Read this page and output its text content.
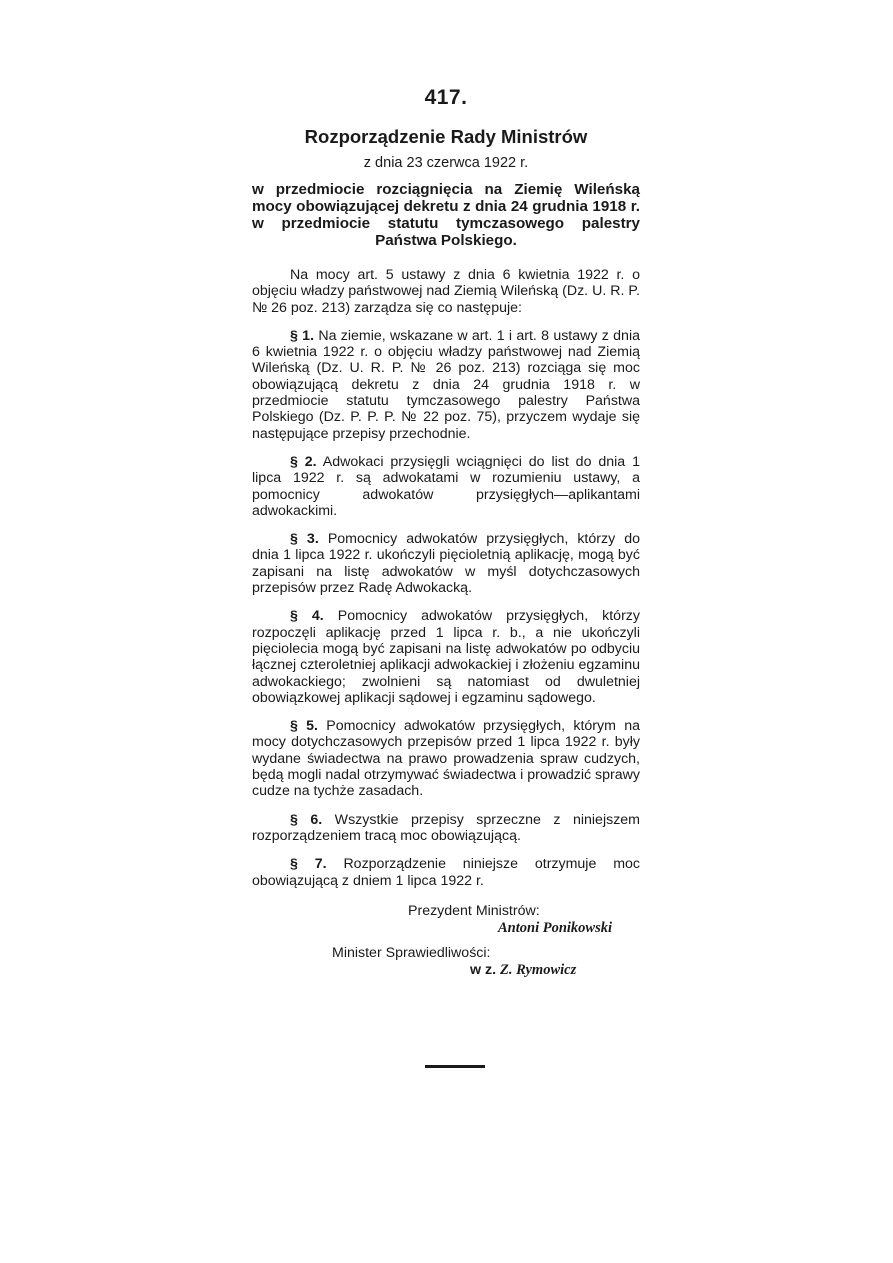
417.
Rozporządzenie Rady Ministrów
z dnia 23 czerwca 1922 r.
w przedmiocie rozciągnięcia na Ziemię Wileńską mocy obowiązującej dekretu z dnia 24 grudnia 1918 r. w przedmiocie statutu tymczasowego palestry Państwa Polskiego.

Na mocy art. 5 ustawy z dnia 6 kwietnia 1922 r. o objęciu władzy państwowej nad Ziemią Wileńską (Dz. U. R. P. № 26 poz. 213) zarządza się co następuje:

§ 1. Na ziemie, wskazane w art. 1 i art. 8 ustawy z dnia 6 kwietnia 1922 r. o objęciu władzy państwowej nad Ziemią Wileńską (Dz. U. R. P. № 26 poz. 213) rozciąga się moc obowiązującą dekretu z dnia 24 grudnia 1918 r. w przedmiocie statutu tymczasowego palestry Państwa Polskiego (Dz. P. P. P. № 22 poz. 75), przyczem wydaje się następujące przepisy przechodnie.

§ 2. Adwokaci przysięgli wciągnięci do list do dnia 1 lipca 1922 r. są adwokatami w rozumieniu ustawy, a pomocnicy adwokatów przysięgłych—aplikantami adwokackimi.

§ 3. Pomocnicy adwokatów przysięgłych, którzy do dnia 1 lipca 1922 r. ukończyli pięcioletnią aplikację, mogą być zapisani na listę adwokatów w myśl dotychczasowych przepisów przez Radę Adwokacką.

§ 4. Pomocnicy adwokatów przysięgłych, którzy rozpoczęli aplikację przed 1 lipca r. b., a nie ukończyli pięciolecia mogą być zapisani na listę adwokatów po odbyciu łącznej czteroletniej aplikacji adwokackiej i złożeniu egzaminu adwokackiego; zwolnieni są natomiast od dwuletniej obowiązkowej aplikacji sądowej i egzaminu sądowego.

§ 5. Pomocnicy adwokatów przysięgłych, którym na mocy dotychczasowych przepisów przed 1 lipca 1922 r. były wydane świadectwa na prawo prowadzenia spraw cudzych, będą mogli nadal otrzymywać świadectwa i prowadzić sprawy cudze na tychże zasadach.

§ 6. Wszystkie przepisy sprzeczne z niniejszem rozporządzeniem tracą moc obowiązującą.

§ 7. Rozporządzenie niniejsze otrzymuje moc obowiązującą z dniem 1 lipca 1922 r.

Prezydent Ministrów:
Antoni Ponikowski
Minister Sprawiedliwości:
w z. Z. Rymowicz
